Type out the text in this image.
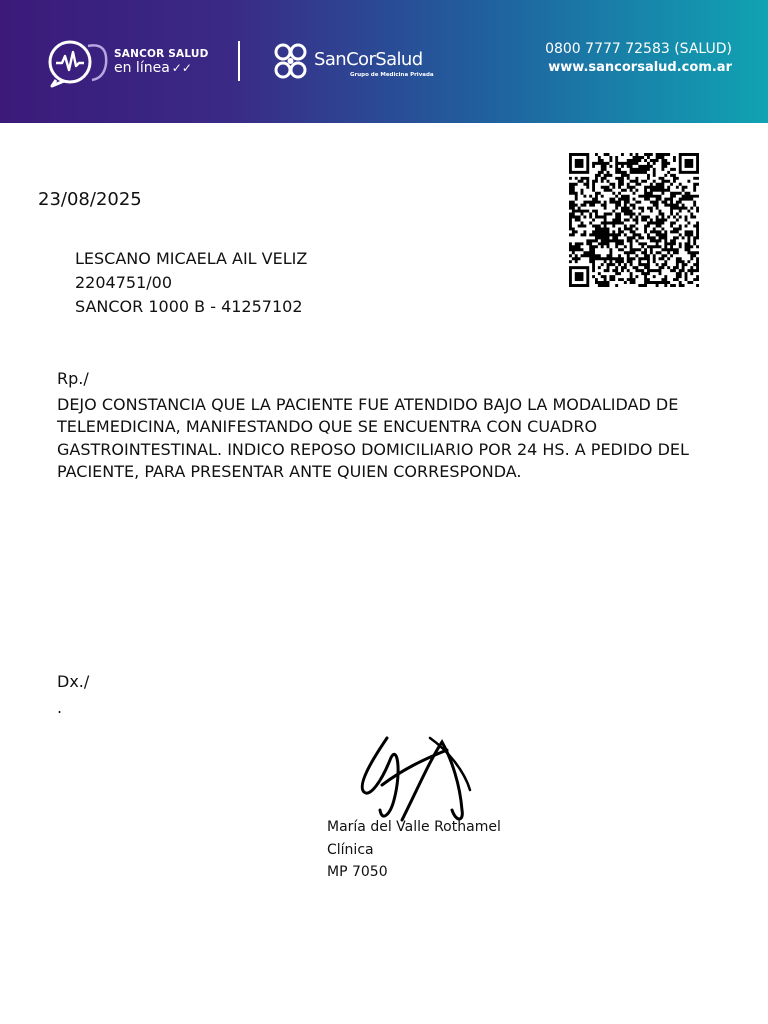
SANCOR SALUD
en línea ✓✓	SanCorSalud
Grupo de Medicina Privada
0800 7777 72583 (SALUD)
www.sancorsalud.com.ar
23/08/2025
LESCANO MICAELA AIL VELIZ
2204751/00
SANCOR 1000 B - 41257102
Rp./
DEJO CONSTANCIA QUE LA PACIENTE FUE ATENDIDO BAJO LA MODALIDAD DE TELEMEDICINA, MANIFESTANDO QUE SE ENCUENTRA CON CUADRO GASTROINTESTINAL. INDICO REPOSO DOMICILIARIO POR 24 HS. A PEDIDO DEL PACIENTE, PARA PRESENTAR ANTE QUIEN CORRESPONDA.
Dx./
.
María del Valle Rothamel
Clínica
MP 7050
